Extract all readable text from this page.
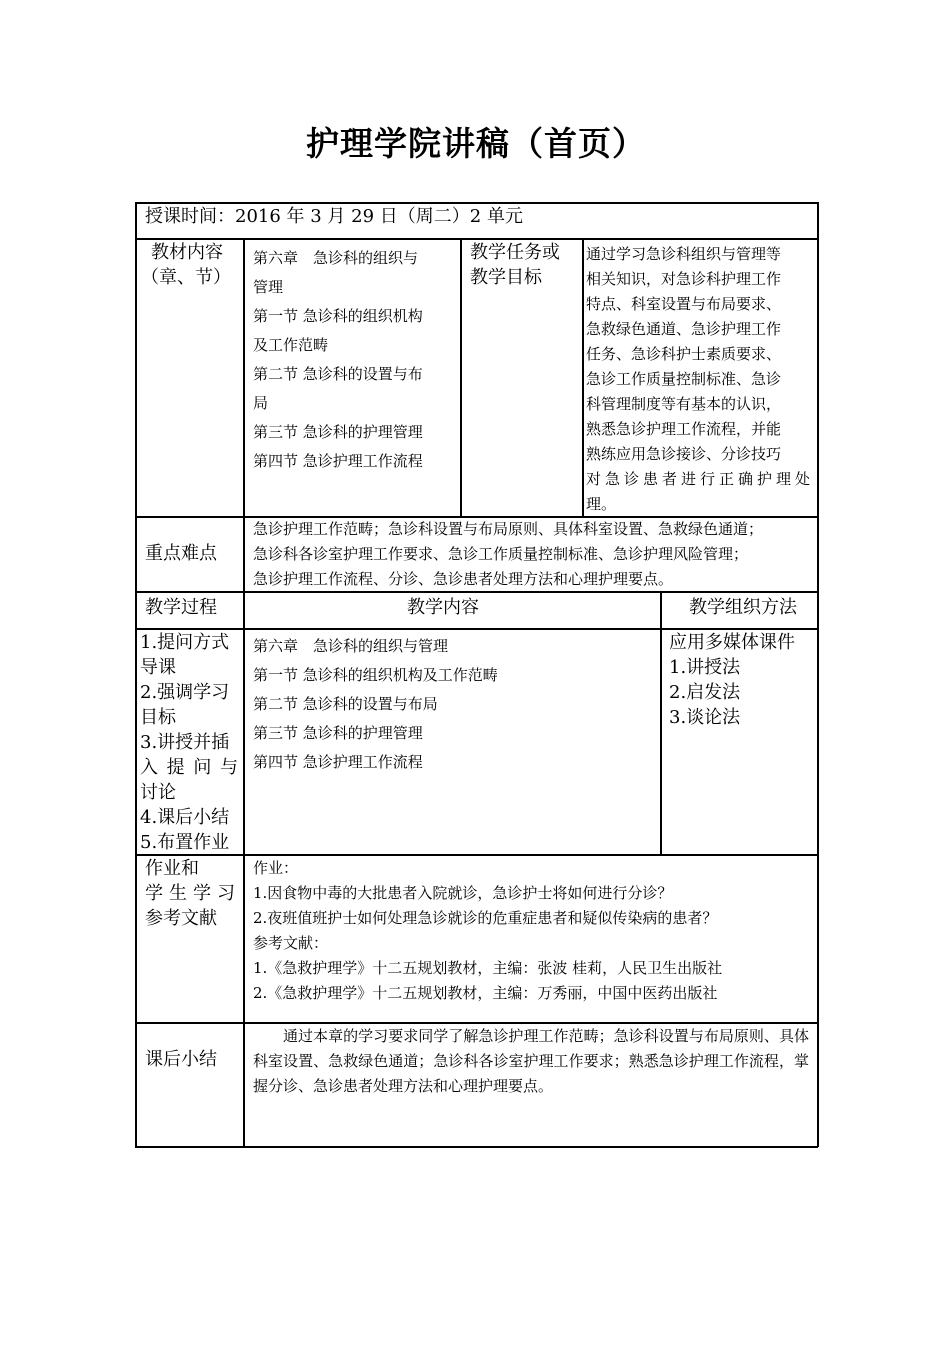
护理学院讲稿（首页）
授课时间：2016 年 3 月 29 日（周二）2 单元
教材内容
（章、节）
第六章　急诊科的组织与
管理
第一节 急诊科的组织机构
及工作范畴
第二节 急诊科的设置与布
局
第三节 急诊科的护理管理
第四节 急诊护理工作流程
教学任务或
教学目标
通过学习急诊科组织与管理等
相关知识，对急诊科护理工作
特点、科室设置与布局要求、
急救绿色通道、急诊护理工作
任务、急诊科护士素质要求、
急诊工作质量控制标准、急诊
科管理制度等有基本的认识，
熟悉急诊护理工作流程，并能
熟练应用急诊接诊、分诊技巧
对急诊患者进行正确护理处
理。
重点难点
急诊护理工作范畴；急诊科设置与布局原则、具体科室设置、急救绿色通道；
急诊科各诊室护理工作要求、急诊工作质量控制标准、急诊护理风险管理；
急诊护理工作流程、分诊、急诊患者处理方法和心理护理要点。
教学过程	教学内容	教学组织方法
1.提问方式
导课
2.强调学习
目标
3.讲授并插
入提问与
讨论
4.课后小结
5.布置作业
第六章　急诊科的组织与管理
第一节 急诊科的组织机构及工作范畴
第二节 急诊科的设置与布局
第三节 急诊科的护理管理
第四节 急诊护理工作流程
应用多媒体课件
1.讲授法
2.启发法
3.谈论法
作业和
学生学习
参考文献
作业：
1.因食物中毒的大批患者入院就诊，急诊护士将如何进行分诊？
2.夜班值班护士如何处理急诊就诊的危重症患者和疑似传染病的患者？
参考文献：
1.《急救护理学》十二五规划教材，主编：张波 桂莉，人民卫生出版社
2.《急救护理学》十二五规划教材，主编：万秀丽，中国中医药出版社
课后小结
通过本章的学习要求同学了解急诊护理工作范畴；急诊科设置与布局原则、具体科室设置、急救绿色通道；急诊科各诊室护理工作要求；熟悉急诊护理工作流程，掌握分诊、急诊患者处理方法和心理护理要点。
